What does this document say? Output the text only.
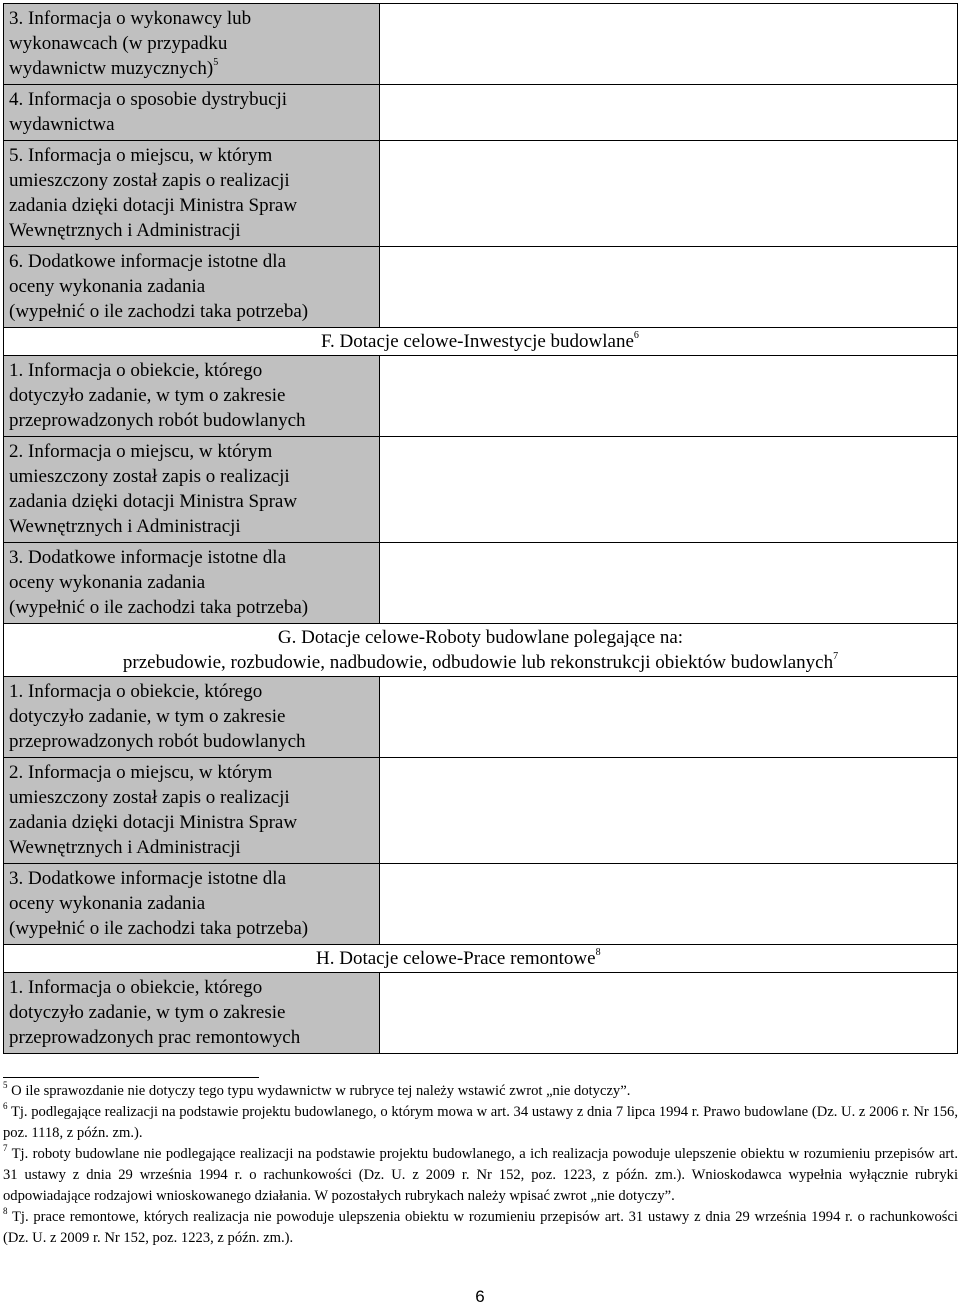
3. Informacja o wykonawcy lub
wykonawcach (w przypadku
wydawnictw muzycznych)$^5$

4. Informacja o sposobie dystrybucji
wydawnictwa	

5. Informacja o miejscu, w którym
umieszczony został zapis o realizacji
zadania dzięki dotacji Ministra Spraw
Wewnętrznych i Administracji	

6. Dodatkowe informacje istotne dla
oceny wykonania zadania
(wypełnić o ile zachodzi taka potrzeba)	

F. Dotacje celowe-Inwestycje budowlane$^6$

1. Informacja o obiekcie, którego
dotyczyło zadanie, w tym o zakresie
przeprowadzonych robót budowlanych	

2. Informacja o miejscu, w którym
umieszczony został zapis o realizacji
zadania dzięki dotacji Ministra Spraw
Wewnętrznych i Administracji	

3. Dodatkowe informacje istotne dla
oceny wykonania zadania
(wypełnić o ile zachodzi taka potrzeba)	

G. Dotacje celowe-Roboty budowlane polegające na:
przebudowie, rozbudowie, nadbudowie, odbudowie lub rekonstrukcji obiektów budowlanych$^7$

1. Informacja o obiekcie, którego
dotyczyło zadanie, w tym o zakresie
przeprowadzonych robót budowlanych	

2. Informacja o miejscu, w którym
umieszczony został zapis o realizacji
zadania dzięki dotacji Ministra Spraw
Wewnętrznych i Administracji	

3. Dodatkowe informacje istotne dla
oceny wykonania zadania
(wypełnić o ile zachodzi taka potrzeba)	

H. Dotacje celowe-Prace remontowe$^8$

1. Informacja o obiekcie, którego
dotyczyło zadanie, w tym o zakresie
przeprowadzonych prac remontowych	

$^5$ O ile sprawozdanie nie dotyczy tego typu wydawnictw w rubryce tej należy wstawić zwrot „nie dotyczy”.

$^6$ Tj. podlegające realizacji na podstawie projektu budowlanego, o którym mowa w art. 34 ustawy z dnia 7 lipca 1994 r. Prawo budowlane (Dz. U. z 2006 r. Nr 156, poz. 1118, z późn. zm.).

$^7$ Tj. roboty budowlane nie podlegające realizacji na podstawie projektu budowlanego, a ich realizacja powoduje ulepszenie obiektu w rozumieniu przepisów art. 31 ustawy z dnia 29 września 1994 r. o rachunkowości (Dz. U. z 2009 r. Nr 152, poz. 1223, z późn. zm.). Wnioskodawca wypełnia wyłącznie rubryki odpowiadające rodzajowi wnioskowanego działania. W pozostałych rubrykach należy wpisać zwrot „nie dotyczy”.

$^8$ Tj. prace remontowe, których realizacja nie powoduje ulepszenia obiektu w rozumieniu przepisów art. 31 ustawy z dnia 29 września 1994 r. o rachunkowości (Dz. U. z 2009 r. Nr 152, poz. 1223, z późn. zm.).

6
